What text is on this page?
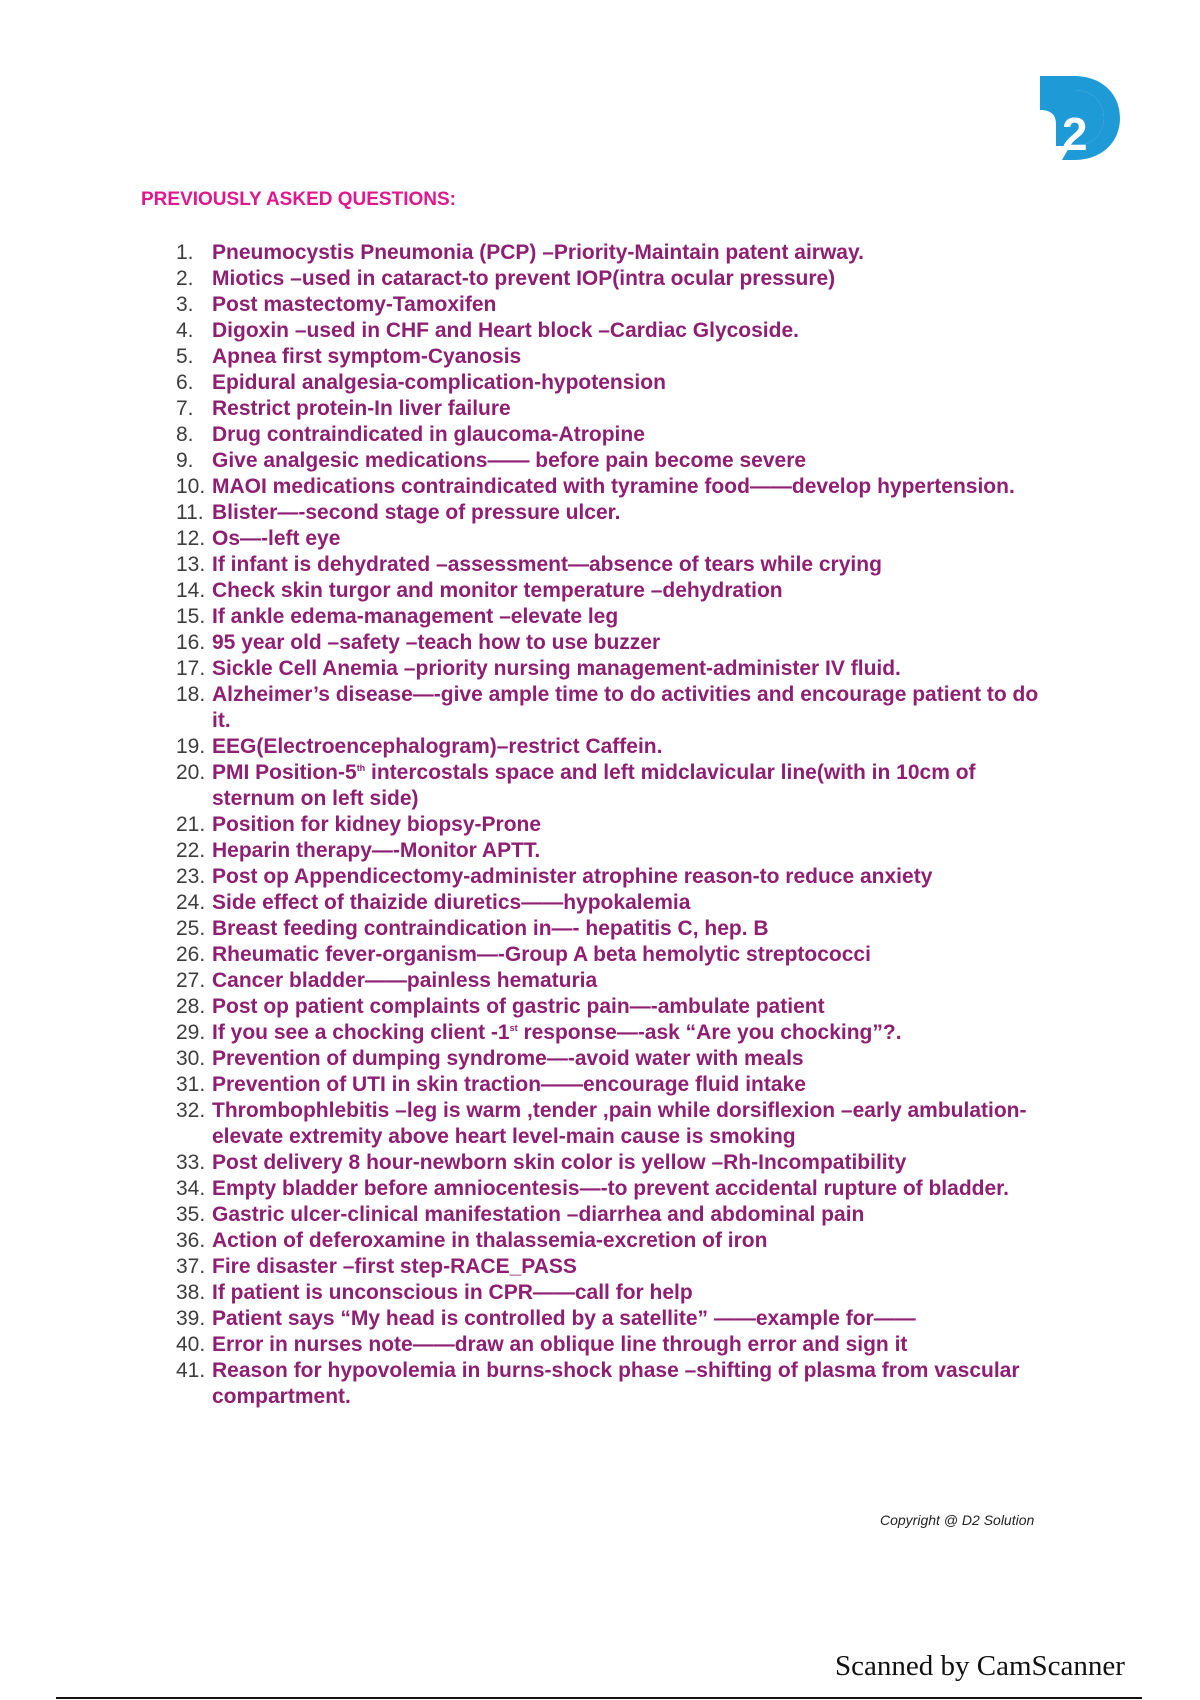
2
PREVIOUSLY ASKED QUESTIONS:
1. Pneumocystis Pneumonia (PCP) –Priority-Maintain patent airway.
2. Miotics –used in cataract-to prevent IOP(intra ocular pressure)
3. Post mastectomy-Tamoxifen
4. Digoxin –used in CHF and Heart block –Cardiac Glycoside.
5. Apnea first symptom-Cyanosis
6. Epidural analgesia-complication-hypotension
7. Restrict protein-In liver failure
8. Drug contraindicated in glaucoma-Atropine
9. Give analgesic medications—— before pain become severe
10. MAOI medications contraindicated with tyramine food——develop hypertension.
11. Blister—-second stage of pressure ulcer.
12. Os—-left eye
13. If infant is dehydrated –assessment—absence of tears while crying
14. Check skin turgor and monitor temperature –dehydration
15. If ankle edema-management –elevate leg
16. 95 year old –safety –teach how to use buzzer
17. Sickle Cell Anemia –priority nursing management-administer IV fluid.
18. Alzheimer’s disease—-give ample time to do activities and encourage patient to do it.
19. EEG(Electroencephalogram)–restrict Caffein.
20. PMI Position-5th intercostals space and left midclavicular line(with in 10cm of sternum on left side)
21. Position for kidney biopsy-Prone
22. Heparin therapy—-Monitor APTT.
23. Post op Appendicectomy-administer atrophine reason-to reduce anxiety
24. Side effect of thaizide diuretics——hypokalemia
25. Breast feeding contraindication in—- hepatitis C, hep. B
26. Rheumatic fever-organism—-Group A beta hemolytic streptococci
27. Cancer bladder——painless hematuria
28. Post op patient complaints of gastric pain—-ambulate patient
29. If you see a chocking client -1st response—-ask “Are you chocking”?.
30. Prevention of dumping syndrome—-avoid water with meals
31. Prevention of UTI in skin traction——encourage fluid intake
32. Thrombophlebitis –leg is warm ,tender ,pain while dorsiflexion –early ambulation-elevate extremity above heart level-main cause is smoking
33. Post delivery 8 hour-newborn skin color is yellow –Rh-Incompatibility
34. Empty bladder before amniocentesis—-to prevent accidental rupture of bladder.
35. Gastric ulcer-clinical manifestation –diarrhea and abdominal pain
36. Action of deferoxamine in thalassemia-excretion of iron
37. Fire disaster –first step-RACE_PASS
38. If patient is unconscious in CPR——call for help
39. Patient says “My head is controlled by a satellite” ——example for——
40. Error in nurses note——draw an oblique line through error and sign it
41. Reason for hypovolemia in burns-shock phase –shifting of plasma from vascular compartment.
Copyright @ D2 Solution
Scanned by CamScanner
